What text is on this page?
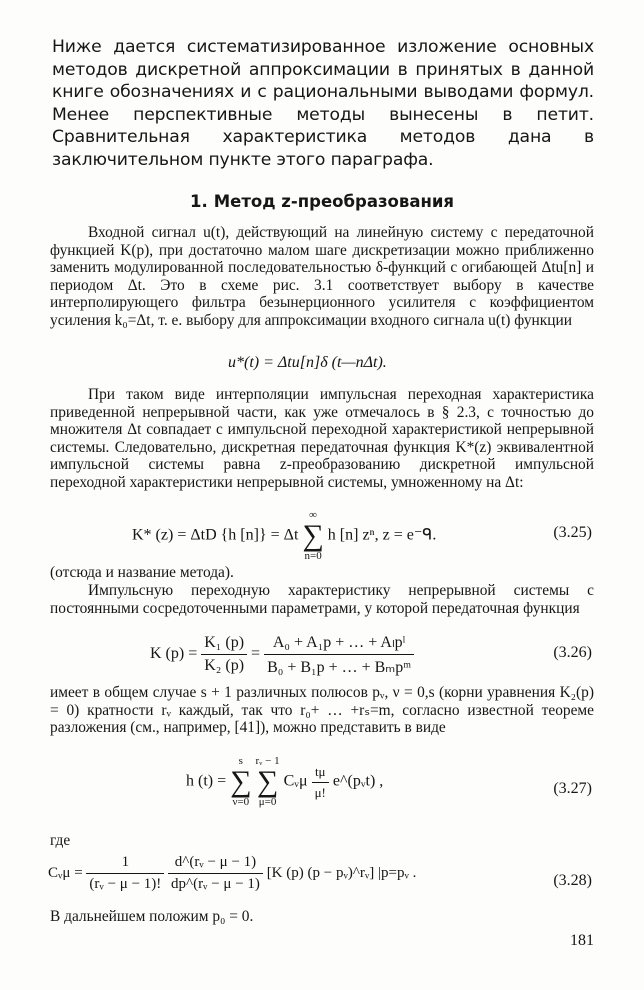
Ниже дается систематизированное изложение основных методов дискретной аппроксимации в принятых в данной книге обозначениях и с рациональными выводами формул. Менее перспективные методы вынесены в петит. Сравнительная характеристика методов дана в заключительном пункте этого параграфа.
1. Метод z-преобразования
Входной сигнал u(t), действующий на линейную систему с передаточной функцией K(p), при достаточно малом шаге дискретизации можно приближенно заменить модулированной последовательностью δ-функций с огибающей Δtu[n] и периодом Δt. Это в схеме рис. 3.1 соответствует выбору в качестве интерполирующего фильтра безынерционного усилителя с коэффициентом усиления k₀=Δt, т. е. выбору для аппроксимации входного сигнала u(t) функции
u*(t) = Δtu[n]δ (t—nΔt).
При таком виде интерполяции импульсная переходная характеристика приведенной непрерывной части, как уже отмечалось в § 2.3, с точностью до множителя Δt совпадает с импульсной переходной характеристикой непрерывной системы. Следовательно, дискретная передаточная функция K*(z) эквивалентной импульсной системы равна z-преобразованию дискретной импульсной переходной характеристики непрерывной системы, умноженному на Δt:
K* (z) = ΔtD {h [n]} = Δt
∞
∑
n=0
h [n] zⁿ, z = e⁻ᑫ.	(3.25)
(отсюда и название метода).
Импульсную переходную характеристику непрерывной системы с постоянными сосредоточенными параметрами, у которой передаточная функция
K $(p) = \frac{\text{K₁ (p)}}{\text{K₂ (p)}} = \frac{\text{A₀ + A₁p + … + Aₗpˡ}}{\text{B₀ + B₁p + … + Bₘpᵐ}}$	(3.26)
имеет в общем случае s + 1 различных полюсов pᵥ, ν = 0,s (корни уравнения K₂(p) = 0) кратности rᵥ каждый, так что r₀+ … +rₛ=m, согласно известной теореме разложения (см., например, [41]), можно представить в виде
h (t) =
s
∑
ν=0

rᵥ − 1
∑
μ=0
Cᵥμ $\frac{t\mu}{\mu!}$ e^(pᵥt) ,	(3.27)
где
Cᵥμ = $\frac{1}{\text{(rᵥ − μ − 1)!}}$
$\frac{\text{d\textasciicircum{}(rᵥ − μ − 1)}}{\text{dp\textasciicircum{}(rᵥ − μ − 1)}} [K$ (p) (p − pᵥ)^rᵥ] |p=pᵥ .	(3.28)
В дальнейшем положим p₀ = 0.
181
